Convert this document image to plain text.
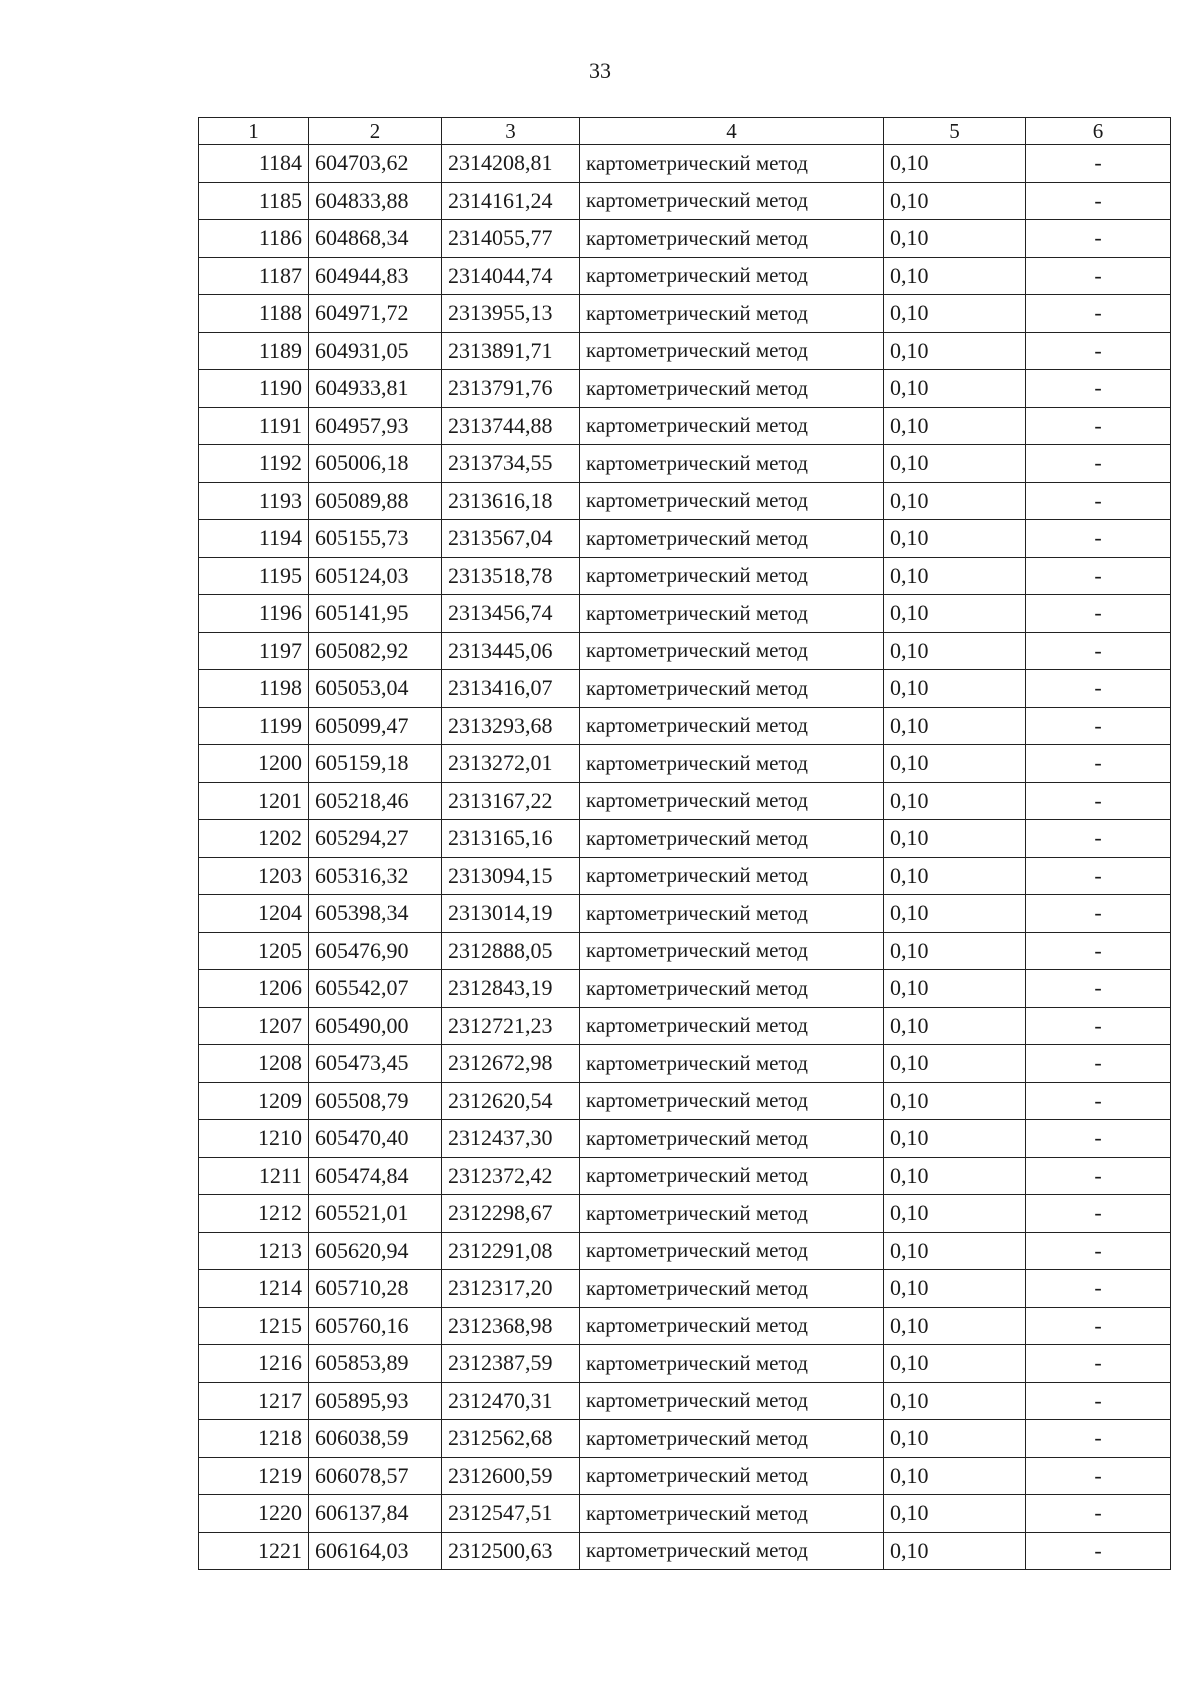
33
1	2	3	4	5	6
1184	604703,62	2314208,81	картометрический метод	0,10	-
1185	604833,88	2314161,24	картометрический метод	0,10	-
1186	604868,34	2314055,77	картометрический метод	0,10	-
1187	604944,83	2314044,74	картометрический метод	0,10	-
1188	604971,72	2313955,13	картометрический метод	0,10	-
1189	604931,05	2313891,71	картометрический метод	0,10	-
1190	604933,81	2313791,76	картометрический метод	0,10	-
1191	604957,93	2313744,88	картометрический метод	0,10	-
1192	605006,18	2313734,55	картометрический метод	0,10	-
1193	605089,88	2313616,18	картометрический метод	0,10	-
1194	605155,73	2313567,04	картометрический метод	0,10	-
1195	605124,03	2313518,78	картометрический метод	0,10	-
1196	605141,95	2313456,74	картометрический метод	0,10	-
1197	605082,92	2313445,06	картометрический метод	0,10	-
1198	605053,04	2313416,07	картометрический метод	0,10	-
1199	605099,47	2313293,68	картометрический метод	0,10	-
1200	605159,18	2313272,01	картометрический метод	0,10	-
1201	605218,46	2313167,22	картометрический метод	0,10	-
1202	605294,27	2313165,16	картометрический метод	0,10	-
1203	605316,32	2313094,15	картометрический метод	0,10	-
1204	605398,34	2313014,19	картометрический метод	0,10	-
1205	605476,90	2312888,05	картометрический метод	0,10	-
1206	605542,07	2312843,19	картометрический метод	0,10	-
1207	605490,00	2312721,23	картометрический метод	0,10	-
1208	605473,45	2312672,98	картометрический метод	0,10	-
1209	605508,79	2312620,54	картометрический метод	0,10	-
1210	605470,40	2312437,30	картометрический метод	0,10	-
1211	605474,84	2312372,42	картометрический метод	0,10	-
1212	605521,01	2312298,67	картометрический метод	0,10	-
1213	605620,94	2312291,08	картометрический метод	0,10	-
1214	605710,28	2312317,20	картометрический метод	0,10	-
1215	605760,16	2312368,98	картометрический метод	0,10	-
1216	605853,89	2312387,59	картометрический метод	0,10	-
1217	605895,93	2312470,31	картометрический метод	0,10	-
1218	606038,59	2312562,68	картометрический метод	0,10	-
1219	606078,57	2312600,59	картометрический метод	0,10	-
1220	606137,84	2312547,51	картометрический метод	0,10	-
1221	606164,03	2312500,63	картометрический метод	0,10	-
